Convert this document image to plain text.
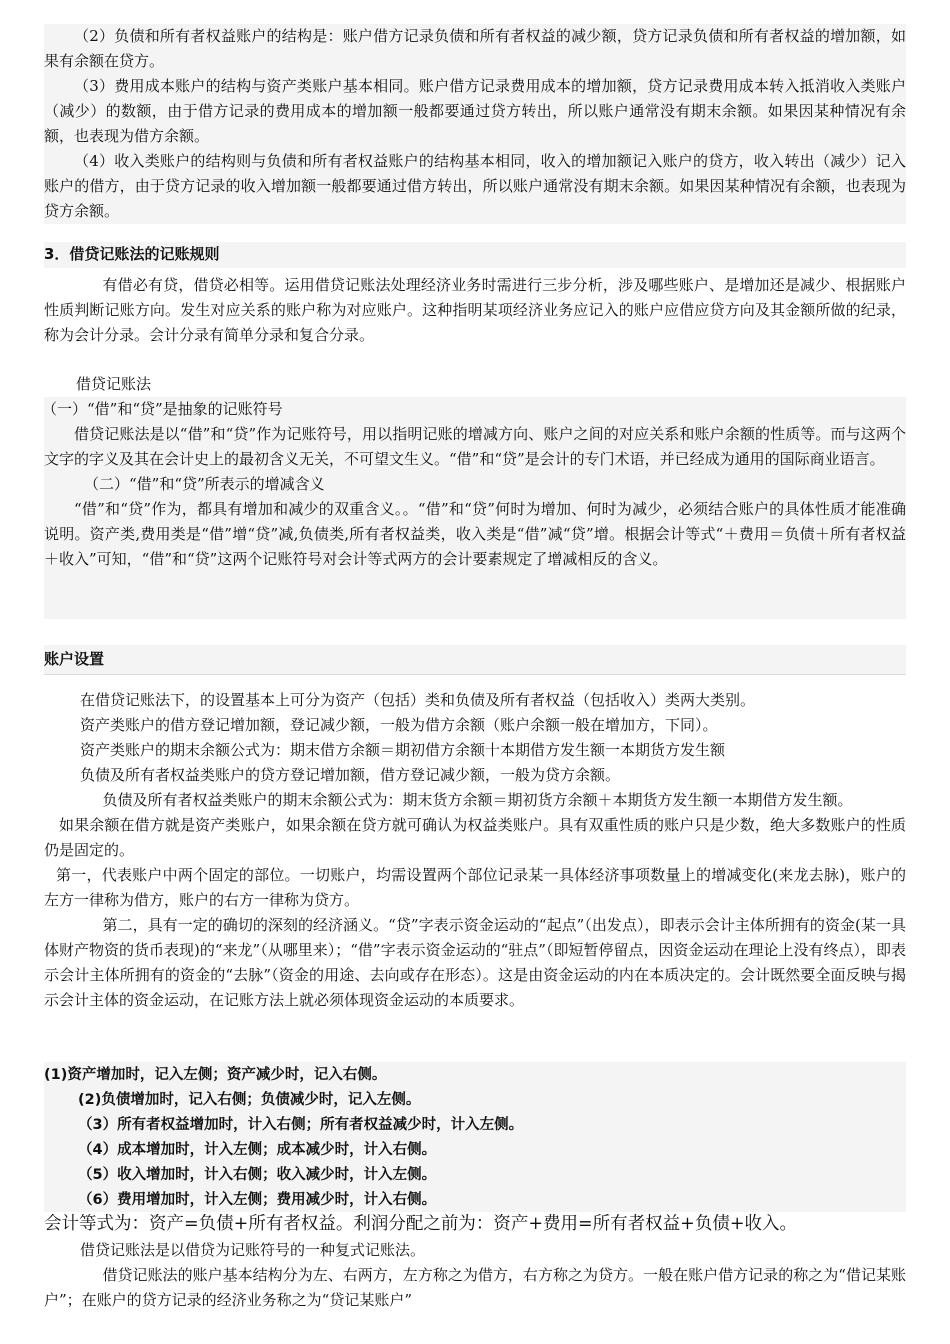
（2）负债和所有者权益账户的结构是：账户借方记录负债和所有者权益的减少额，贷方记录负债和所有者权益的增加额，如果有余额在贷方。

（3）费用成本账户的结构与资产类账户基本相同。账户借方记录费用成本的增加额，贷方记录费用成本转入抵消收入类账户（减少）的数额，由于借方记录的费用成本的增加额一般都要通过贷方转出，所以账户通常没有期末余额。如果因某种情况有余额，也表现为借方余额。

（4）收入类账户的结构则与负债和所有者权益账户的结构基本相同，收入的增加额记入账户的贷方，收入转出（减少）记入账户的借方，由于贷方记录的收入增加额一般都要通过借方转出，所以账户通常没有期末余额。如果因某种情况有余额，也表现为贷方余额。

3．借贷记账法的记账规则

有借必有贷，借贷必相等。运用借贷记账法处理经济业务时需进行三步分析，涉及哪些账户、是增加还是减少、根据账户性质判断记账方向。发生对应关系的账户称为对应账户。这种指明某项经济业务应记入的账户应借应贷方向及其金额所做的纪录，称为会计分录。会计分录有简单分录和复合分录。

借贷记账法

（一）“借”和“贷”是抽象的记账符号

借贷记账法是以“借”和“贷”作为记账符号，用以指明记账的增减方向、账户之间的对应关系和账户余额的性质等。而与这两个文字的字义及其在会计史上的最初含义无关，不可望文生义。“借”和“贷”是会计的专门术语，并已经成为通用的国际商业语言。

（二）“借”和“贷”所表示的增减含义

“借”和“贷”作为，都具有增加和减少的双重含义。。“借”和“贷”何时为增加、何时为减少，必须结合账户的具体性质才能准确说明。资产类,费用类是“借”增“贷”减,负债类,所有者权益类，收入类是“借”减“贷”增。根据会计等式“＋费用＝负债＋所有者权益＋收入”可知，“借”和“贷”这两个记账符号对会计等式两方的会计要素规定了增减相反的含义。

账户设置

在借贷记账法下，的设置基本上可分为资产（包括）类和负债及所有者权益（包括收入）类两大类别。

资产类账户的借方登记增加额，登记减少额，一般为借方余额（账户余额一般在增加方，下同）。

资产类账户的期末余额公式为：期末借方余额＝期初借方余额十本期借方发生额一本期货方发生额

负债及所有者权益类账户的贷方登记增加额，借方登记减少额，一般为贷方余额。

负债及所有者权益类账户的期末余额公式为：期末货方余额＝期初货方余额＋本期货方发生额一本期借方发生额。

如果余额在借方就是资产类账户，如果余额在贷方就可确认为权益类账户。具有双重性质的账户只是少数，绝大多数账户的性质仍是固定的。

第一，代表账户中两个固定的部位。一切账户，均需设置两个部位记录某一具体经济事项数量上的增减变化(来龙去脉)，账户的左方一律称为借方，账户的右方一律称为贷方。

第二，具有一定的确切的深刻的经济涵义。“贷”字表示资金运动的“起点”（出发点），即表示会计主体所拥有的资金(某一具体财产物资的货币表现)的“来龙”（从哪里来）；“借”字表示资金运动的“驻点”（即短暂停留点，因资金运动在理论上没有终点），即表示会计主体所拥有的资金的“去脉”（资金的用途、去向或存在形态）。这是由资金运动的内在本质决定的。会计既然要全面反映与揭示会计主体的资金运动，在记账方法上就必须体现资金运动的本质要求。

(1)资产增加时，记入左侧；资产减少时，记入右侧。
(2)负债增加时，记入右侧；负债减少时，记入左侧。
（3）所有者权益增加时，计入右侧；所有者权益减少时，计入左侧。
（4）成本增加时，计入左侧；成本减少时，计入右侧。
（5）收入增加时，计入右侧；收入减少时，计入左侧。
（6）费用增加时，计入左侧；费用减少时，计入右侧。

会计等式为：资产=负债+所有者权益。利润分配之前为：资产+费用=所有者权益+负债+收入。

借贷记账法是以借贷为记账符号的一种复式记账法。

借贷记账法的账户基本结构分为左、右两方，左方称之为借方，右方称之为贷方。一般在账户借方记录的称之为“借记某账户”；在账户的贷方记录的经济业务称之为“贷记某账户”
